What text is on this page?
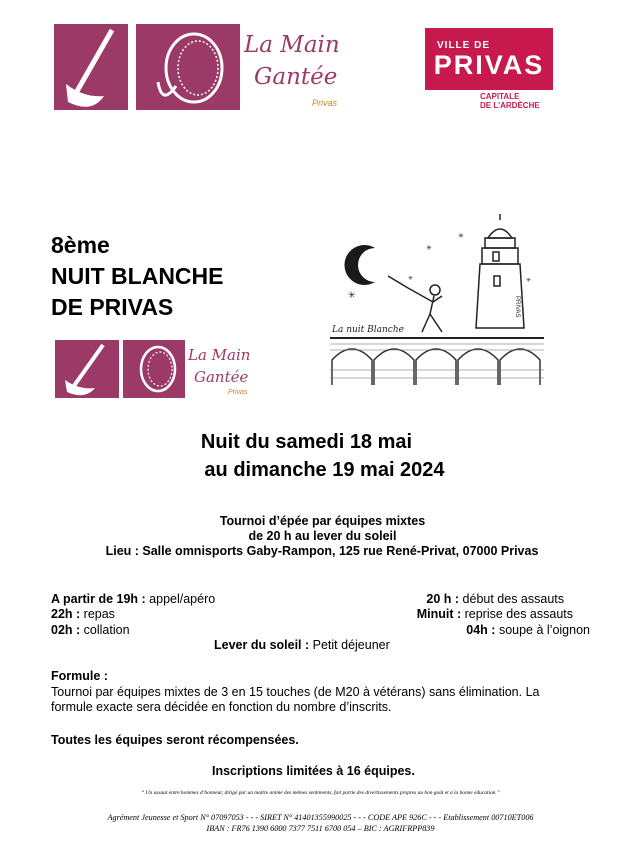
La Main
Gantée
Privas
VILLE DE
PRIVAS
CAPITALE
DE L'ARDÈCHE
8ème
NUIT BLANCHE
DE PRIVAS
La Main
Gantée
Privas
✳
✳
✳
✳	✳
PRIVAS
La nuit Blanche
Nuit du samedi 18 mai
au dimanche 19 mai 2024
Tournoi d’épée par équipes mixtes
de 20 h au lever du soleil
Lieu : Salle omnisports Gaby-Rampon, 125 rue René-Privat, 07000 Privas
A partir de 19h : appel/apéro
22h : repas
02h : collation
20 h : début des assauts
Minuit : reprise des assauts
04h : soupe à l’oignon
Lever du soleil : Petit déjeuner
Formule :
Tournoi par équipes mixtes de 3 en 15 touches (de M20 à vétérans) sans élimination. La
formule exacte sera décidée en fonction du nombre d’inscrits.
Toutes les équipes seront récompensées.
Inscriptions limitées à 16 équipes.
“ Un assaut entre hommes d’honneur, dirigé par un maître animé des mêmes sentiments, fait partie des divertissements propres au bon goût et à la bonne éducation.”
Agrément Jeunesse et Sport N° 07097053 - - - SIRET N° 41401355990025 - - - CODE APE 926C - - - Etablissement 00710ET006
IBAN : FR76 1390 6000 7377 7511 6700 054 – BIC : AGRIFRPP839
